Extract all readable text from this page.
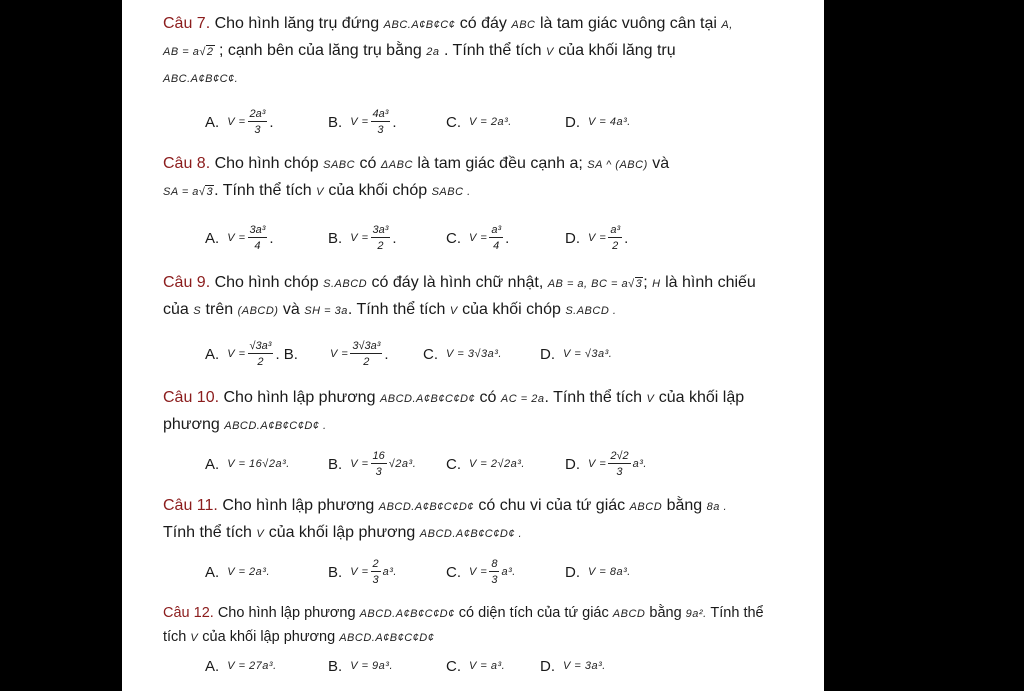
Câu 7. Cho hình lăng trụ đứng ABC.A¢B¢C¢ có đáy ABC là tam giác vuông cân tại A,
AB = a√2 ; cạnh bên của lăng trụ bằng 2a . Tính thể tích V của khối lăng trụ
ABC.A¢B¢C¢.
A. $V = \frac{\text{2a³}}{3}$ .	B. $V = \frac{\text{4a³}}{3}$ .	C. V = 2a³.	D. V = 4a³.
Câu 8. Cho hình chóp SABC có ΔABC là tam giác đều cạnh a; SA ^ (ABC) và
SA = a√3. Tính thể tích V của khối chóp SABC .
A. $V = \frac{\text{3a³}}{4}$ .	B. $V = \frac{\text{3a³}}{2}$ .	C. $V = \frac{\text{a³}}{4}$ .	D. $V = \frac{\text{a³}}{2}$ .
Câu 9. Cho hình chóp S.ABCD có đáy là hình chữ nhật, AB = a, BC = a√3; H là hình chiếu của S trên (ABCD) và SH = 3a. Tính thể tích V của khối chóp S.ABCD .
A. $V = \frac{\text{√3a³}}{2}$ . B.	$V = \frac{\text{3√3a³}}{2}$ . C. V = 3√3a³.	D. V = √3a³.
Câu 10. Cho hình lập phương ABCD.A¢B¢C¢D¢ có AC = 2a. Tính thể tích V của khối lập phương ABCD.A¢B¢C¢D¢ .
A. V = 16√2a³.	B. $V = \frac{16}{3} √2a^3$. C. V = 2√2a³.	D. $V = \frac{2√2}{3} a^3$.
Câu 11. Cho hình lập phương ABCD.A¢B¢C¢D¢ có chu vi của tứ giác ABCD bằng 8a .
Tính thể tích V của khối lập phương ABCD.A¢B¢C¢D¢ .
A. V = 2a³.	B. $V = \frac{2}{3} a^3$.	C. $V = \frac{8}{3} a^3$.	D. V = 8a³.
Câu 12. Cho hình lập phương ABCD.A¢B¢C¢D¢ có diện tích của tứ giác ABCD bằng 9a². Tính thể tích V của khối lập phương ABCD.A¢B¢C¢D¢
A. V = 27a³.	B. V = 9a³.	C. V = a³. D. V = 3a³.
